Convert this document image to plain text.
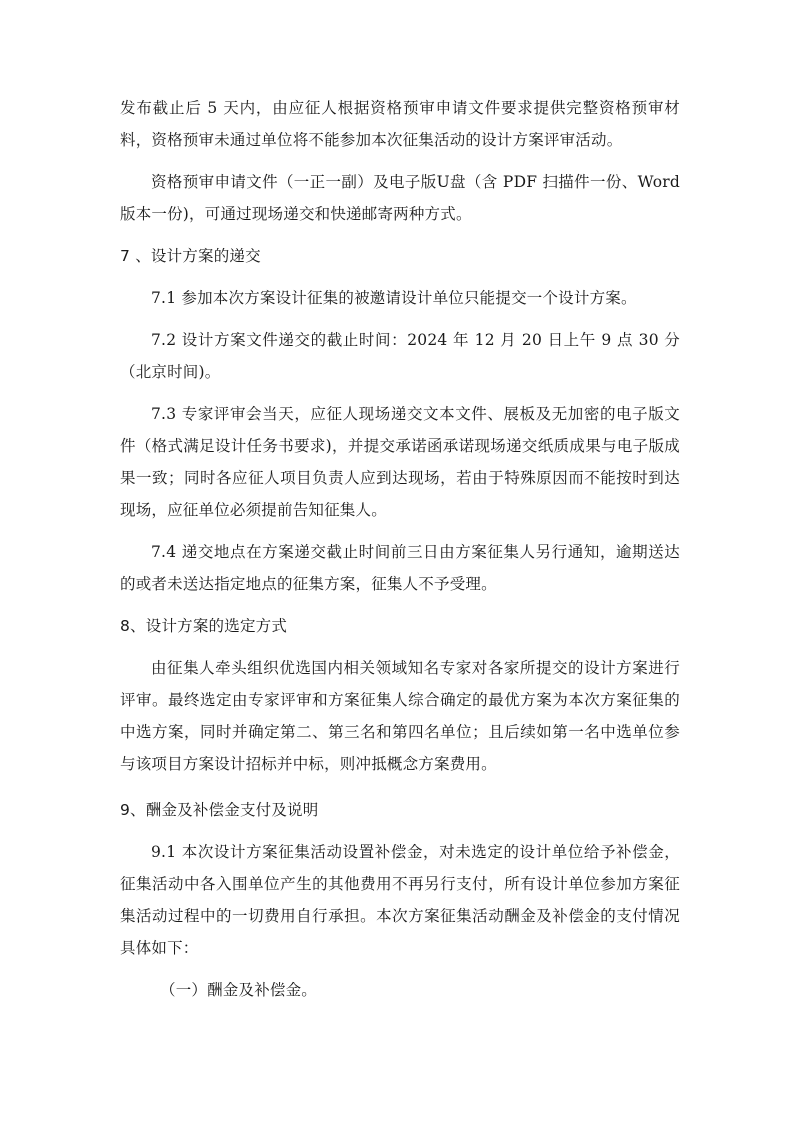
发布截止后 5 天内，由应征人根据资格预审申请文件要求提供完整资格预审材料，资格预审未通过单位将不能参加本次征集活动的设计方案评审活动。

资格预审申请文件（一正一副）及电子版U盘（含 PDF 扫描件一份、Word 版本一份)，可通过现场递交和快递邮寄两种方式。

7 、设计方案的递交

7.1 参加本次方案设计征集的被邀请设计单位只能提交一个设计方案。

7.2 设计方案文件递交的截止时间：2024 年 12 月 20 日上午 9 点 30 分（北京时间)。

7.3 专家评审会当天，应征人现场递交文本文件、展板及无加密的电子版文件（格式满足设计任务书要求)，并提交承诺函承诺现场递交纸质成果与电子版成果一致；同时各应征人项目负责人应到达现场，若由于特殊原因而不能按时到达现场，应征单位必须提前告知征集人。

7.4 递交地点在方案递交截止时间前三日由方案征集人另行通知，逾期送达的或者未送达指定地点的征集方案，征集人不予受理。

8、设计方案的选定方式

由征集人牵头组织优选国内相关领域知名专家对各家所提交的设计方案进行评审。最终选定由专家评审和方案征集人综合确定的最优方案为本次方案征集的中选方案，同时并确定第二、第三名和第四名单位；且后续如第一名中选单位参与该项目方案设计招标并中标，则冲抵概念方案费用。

9、酬金及补偿金支付及说明

9.1 本次设计方案征集活动设置补偿金，对未选定的设计单位给予补偿金，征集活动中各入围单位产生的其他费用不再另行支付，所有设计单位参加方案征集活动过程中的一切费用自行承担。本次方案征集活动酬金及补偿金的支付情况具体如下：

（一）酬金及补偿金。
